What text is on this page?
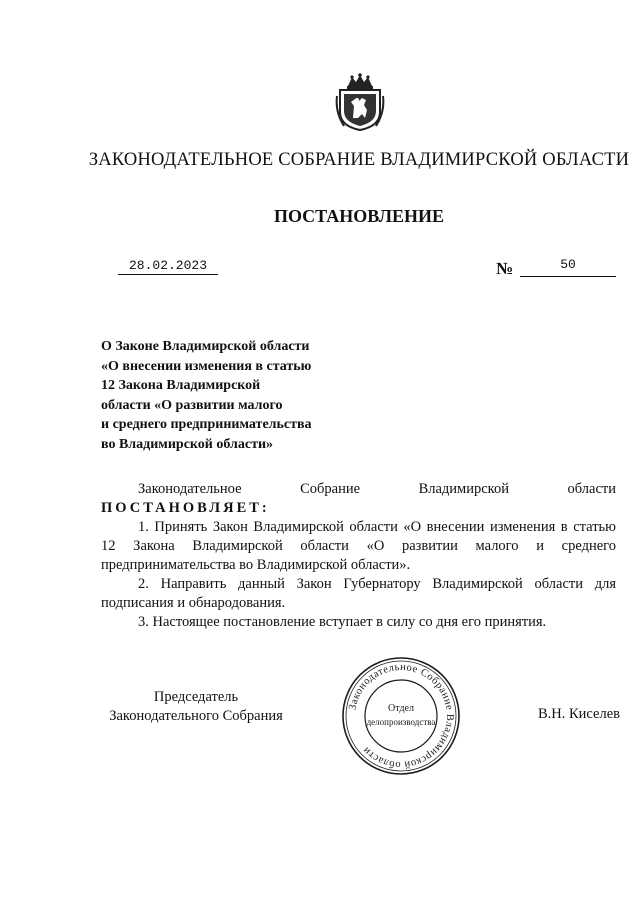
ЗАКОНОДАТЕЛЬНОЕ СОБРАНИЕ ВЛАДИМИРСКОЙ ОБЛАСТИ
ПОСТАНОВЛЕНИЕ
28.02.2023	№	50
О Законе Владимирской области
«О внесении изменения в статью
12 Закона Владимирской
области «О развитии малого
и среднего предпринимательства
во Владимирской области»
Законодательное	Собрание	Владимирской	области
ПОСТАНОВЛЯЕТ:

1. Принять Закон Владимирской области «О внесении изменения в статью 12 Закона Владимирской области «О развитии малого и среднего предпринимательства во Владимирской области».

2. Направить данный Закон Губернатору Владимирской области для подписания и обнародования.

3. Настоящее постановление вступает в силу со дня его принятия.

Председатель
Законодательного Собрания
Законодательное Собрание Владимирской области
Отдел
делопроизводства	В.Н. Киселев
